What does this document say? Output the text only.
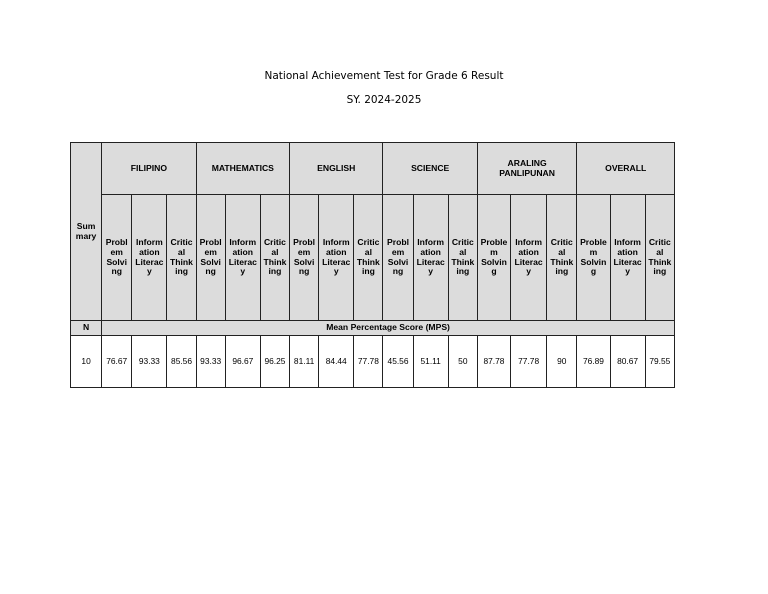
National Achievement Test for Grade 6 Result
SY. 2024-2025
Summary	FILIPINO			MATHEMATICS			ENGLISH			SCIENCE			ARALING PANLIPUNAN			OVERALL		
	Problem Solving	Information Literacy	Critical Thinking	Problem Solving	Information Literacy	Critical Thinking	Problem Solving	Information Literacy	Critical Thinking	Problem Solving	Information Literacy	Critical Thinking	Problem Solving	Information Literacy	Critical Thinking	Problem Solving	Information Literacy	Critical Thinking
N	Mean Percentage Score (MPS)																	
10	76.67	93.33	85.56	93.33	96.67	96.25	81.11	84.44	77.78	45.56	51.11	50	87.78	77.78	90	76.89	80.67	79.55
